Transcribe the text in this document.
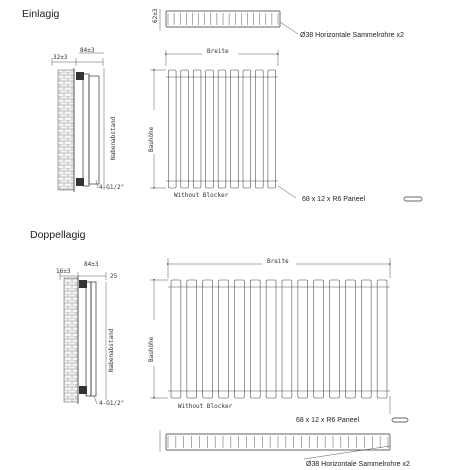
Einlagig	62±3
Ø38 Horizontale Sammelrohre x2
32±3
84±3
Nabenabstand
4-G1/2"
Breite
Bauhöhe
Without Blocker
68 x 12 x R6 Paneel
Doppellagig
16±3
84±3
25
Nabenabstand
4-G1/2"
Breite
Bauhöhe
Without Blocker
68 x 12 x R6 Paneel
Ø38 Horizontale Sammelrohre x2
